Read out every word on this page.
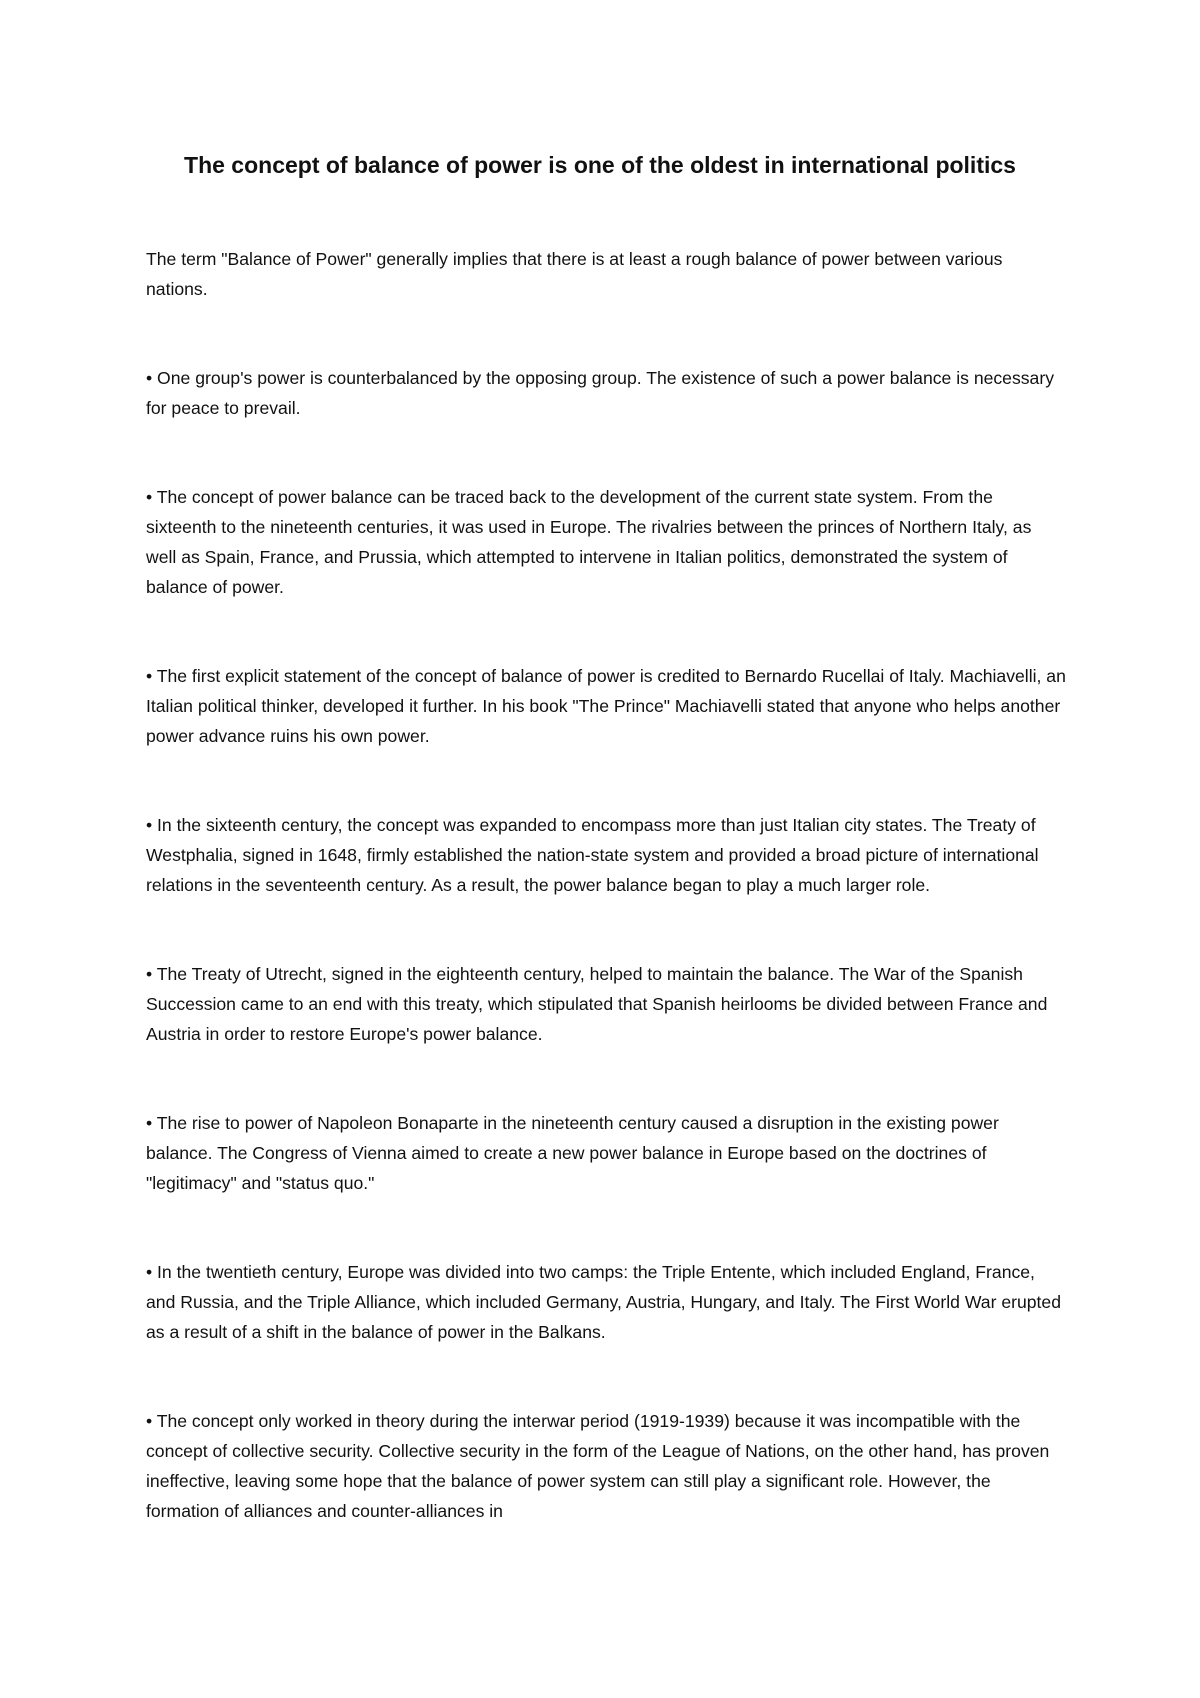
The concept of balance of power is one of the oldest in international politics

The term "Balance of Power" generally implies that there is at least a rough balance of power between various nations.

• One group's power is counterbalanced by the opposing group. The existence of such a power balance is necessary for peace to prevail.

• The concept of power balance can be traced back to the development of the current state system. From the sixteenth to the nineteenth centuries, it was used in Europe. The rivalries between the princes of Northern Italy, as well as Spain, France, and Prussia, which attempted to intervene in Italian politics, demonstrated the system of balance of power.

• The first explicit statement of the concept of balance of power is credited to Bernardo Rucellai of Italy. Machiavelli, an Italian political thinker, developed it further. In his book "The Prince" Machiavelli stated that anyone who helps another power advance ruins his own power.

• In the sixteenth century, the concept was expanded to encompass more than just Italian city states. The Treaty of Westphalia, signed in 1648, firmly established the nation-state system and provided a broad picture of international relations in the seventeenth century. As a result, the power balance began to play a much larger role.

• The Treaty of Utrecht, signed in the eighteenth century, helped to maintain the balance. The War of the Spanish Succession came to an end with this treaty, which stipulated that Spanish heirlooms be divided between France and Austria in order to restore Europe's power balance.

• The rise to power of Napoleon Bonaparte in the nineteenth century caused a disruption in the existing power balance. The Congress of Vienna aimed to create a new power balance in Europe based on the doctrines of "legitimacy" and "status quo."

• In the twentieth century, Europe was divided into two camps: the Triple Entente, which included England, France, and Russia, and the Triple Alliance, which included Germany, Austria, Hungary, and Italy. The First World War erupted as a result of a shift in the balance of power in the Balkans.

• The concept only worked in theory during the interwar period (1919-1939) because it was incompatible with the concept of collective security. Collective security in the form of the League of Nations, on the other hand, has proven ineffective, leaving some hope that the balance of power system can still play a significant role. However, the formation of alliances and counter-alliances in
